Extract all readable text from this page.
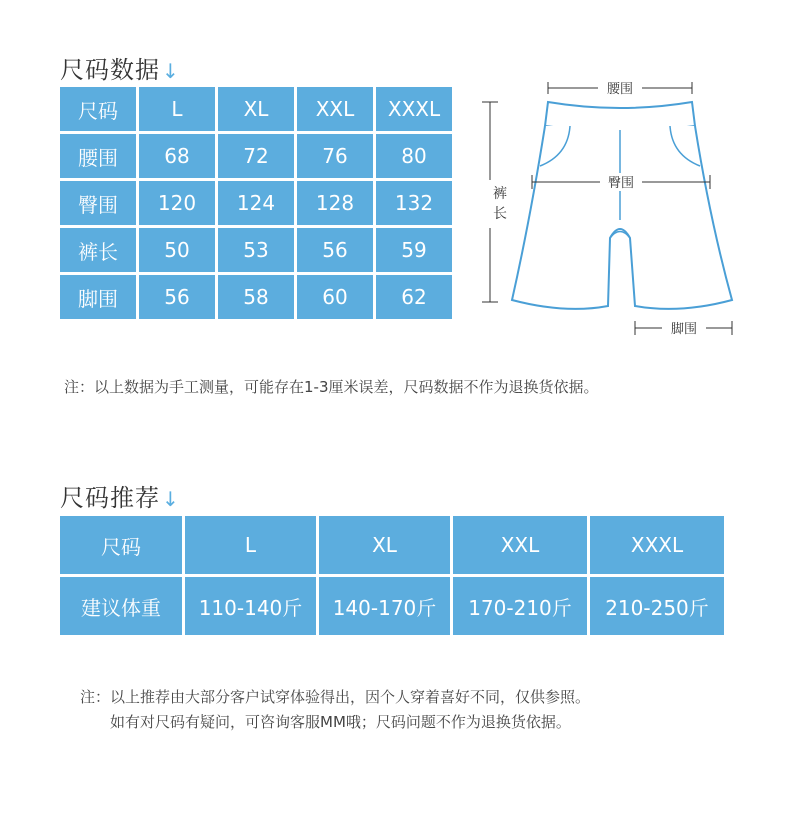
尺码数据 ↓
尺码	L	XL	XXL	XXXL
腰围	68	72	76	80
臀围	120	124	128	132
裤长	50	53	56	59
脚围	56	58	60	62
腰围
臀围
裤
长
脚围
注：以上数据为手工测量，可能存在1-3厘米误差，尺码数据不作为退换货依据。
尺码推荐 ↓
尺码	L	XL	XXL	XXXL
建议体重	110-140斤	140-170斤	170-210斤	210-250斤
注：以上推荐由大部分客户试穿体验得出，因个人穿着喜好不同，仅供参照。
如有对尺码有疑问，可咨询客服MM哦；尺码问题不作为退换货依据。
